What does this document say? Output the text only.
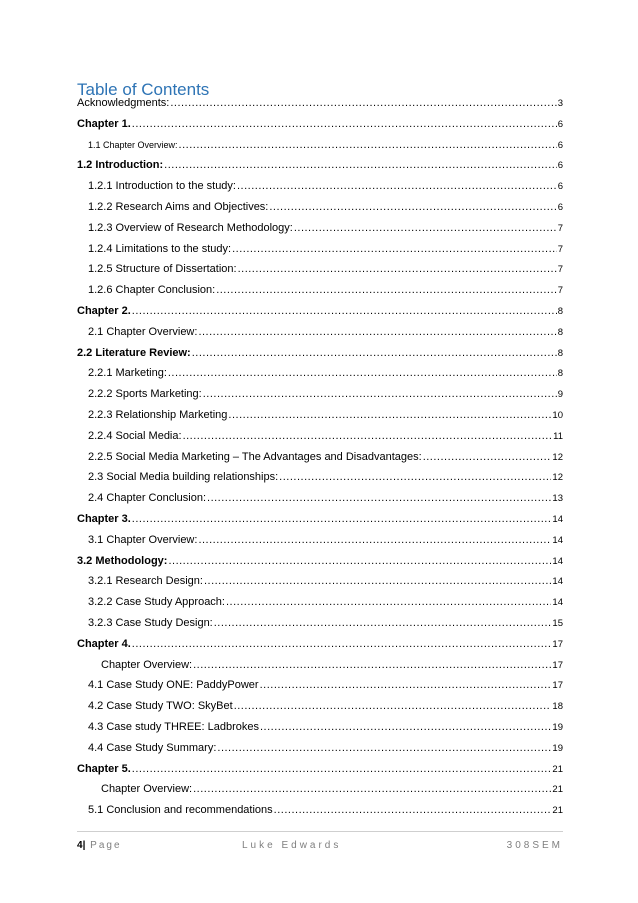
Table of Contents
Acknowledgments: .....	3
Chapter 1. .....	6
1.1 Chapter Overview: .....	6
1.2 Introduction: .....	6
1.2.1 Introduction to the study: .....	6
1.2.2 Research Aims and Objectives: .....	6
1.2.3 Overview of Research Methodology: .....	7
1.2.4 Limitations to the study: .....	7
1.2.5 Structure of Dissertation: .....	7
1.2.6 Chapter Conclusion: .....	7
Chapter 2. .....	8
2.1 Chapter Overview: .....	8
2.2 Literature Review: .....	8
2.2.1 Marketing: .....	8
2.2.2 Sports Marketing: .....	9
2.2.3 Relationship Marketing .....	10
2.2.4 Social Media: .....	11
2.2.5 Social Media Marketing – The Advantages and Disadvantages: .....	12
2.3 Social Media building relationships: .....	12
2.4 Chapter Conclusion: .....	13
Chapter 3. .....	14
3.1 Chapter Overview: .....	14
3.2 Methodology: .....	14
3.2.1 Research Design: .....	14
3.2.2 Case Study Approach: .....	14
3.2.3 Case Study Design: .....	15
Chapter 4. .....	17
Chapter Overview: .....	17
4.1 Case Study ONE: PaddyPower .....	17
4.2 Case Study TWO: SkyBet .....	18
4.3 Case study THREE: Ladbrokes .....	19
4.4 Case Study Summary: .....	19
Chapter 5. .....	21
Chapter Overview: .....	21
5.1 Conclusion and recommendations .....	21
4| Page	Luke Edwards	308SEM
